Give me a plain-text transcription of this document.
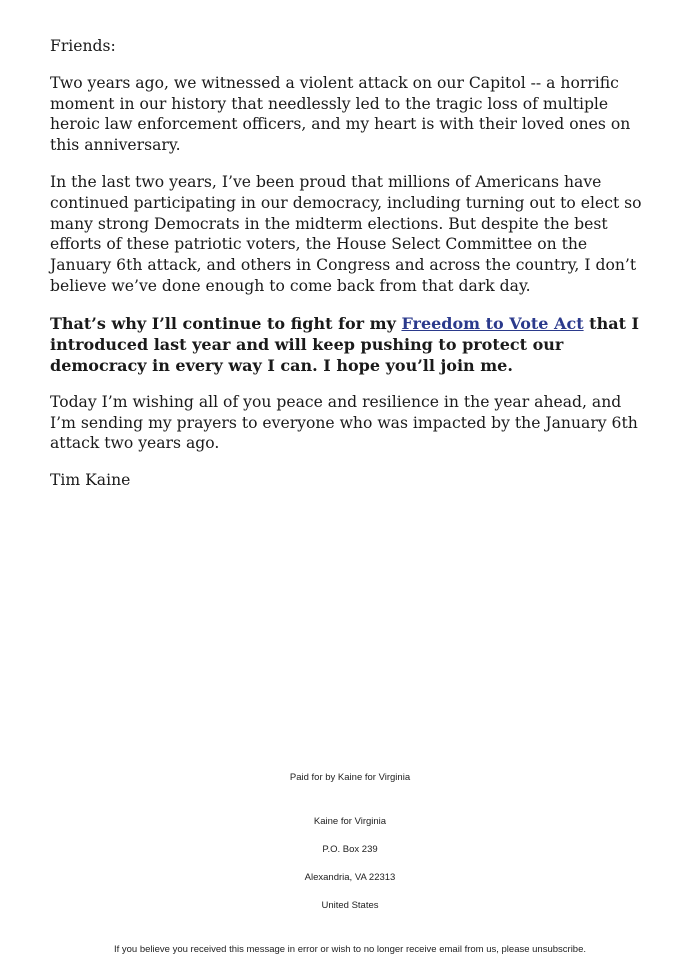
Friends:

Two years ago, we witnessed a violent attack on our Capitol -- a horrific moment in our history that needlessly led to the tragic loss of multiple heroic law enforcement officers, and my heart is with their loved ones on this anniversary.

In the last two years, I’ve been proud that millions of Americans have continued participating in our democracy, including turning out to elect so many strong Democrats in the midterm elections. But despite the best efforts of these patriotic voters, the House Select Committee on the January 6th attack, and others in Congress and across the country, I don’t believe we’ve done enough to come back from that dark day.

That’s why I’ll continue to fight for my Freedom to Vote Act that I introduced last year and will keep pushing to protect our democracy in every way I can. I hope you’ll join me.

Today I’m wishing all of you peace and resilience in the year ahead, and I’m sending my prayers to everyone who was impacted by the January 6th attack two years ago.

Tim Kaine

Paid for by Kaine for Virginia
Kaine for Virginia
P.O. Box 239
Alexandria, VA 22313
United States
If you believe you received this message in error or wish to no longer receive email from us, please unsubscribe.
